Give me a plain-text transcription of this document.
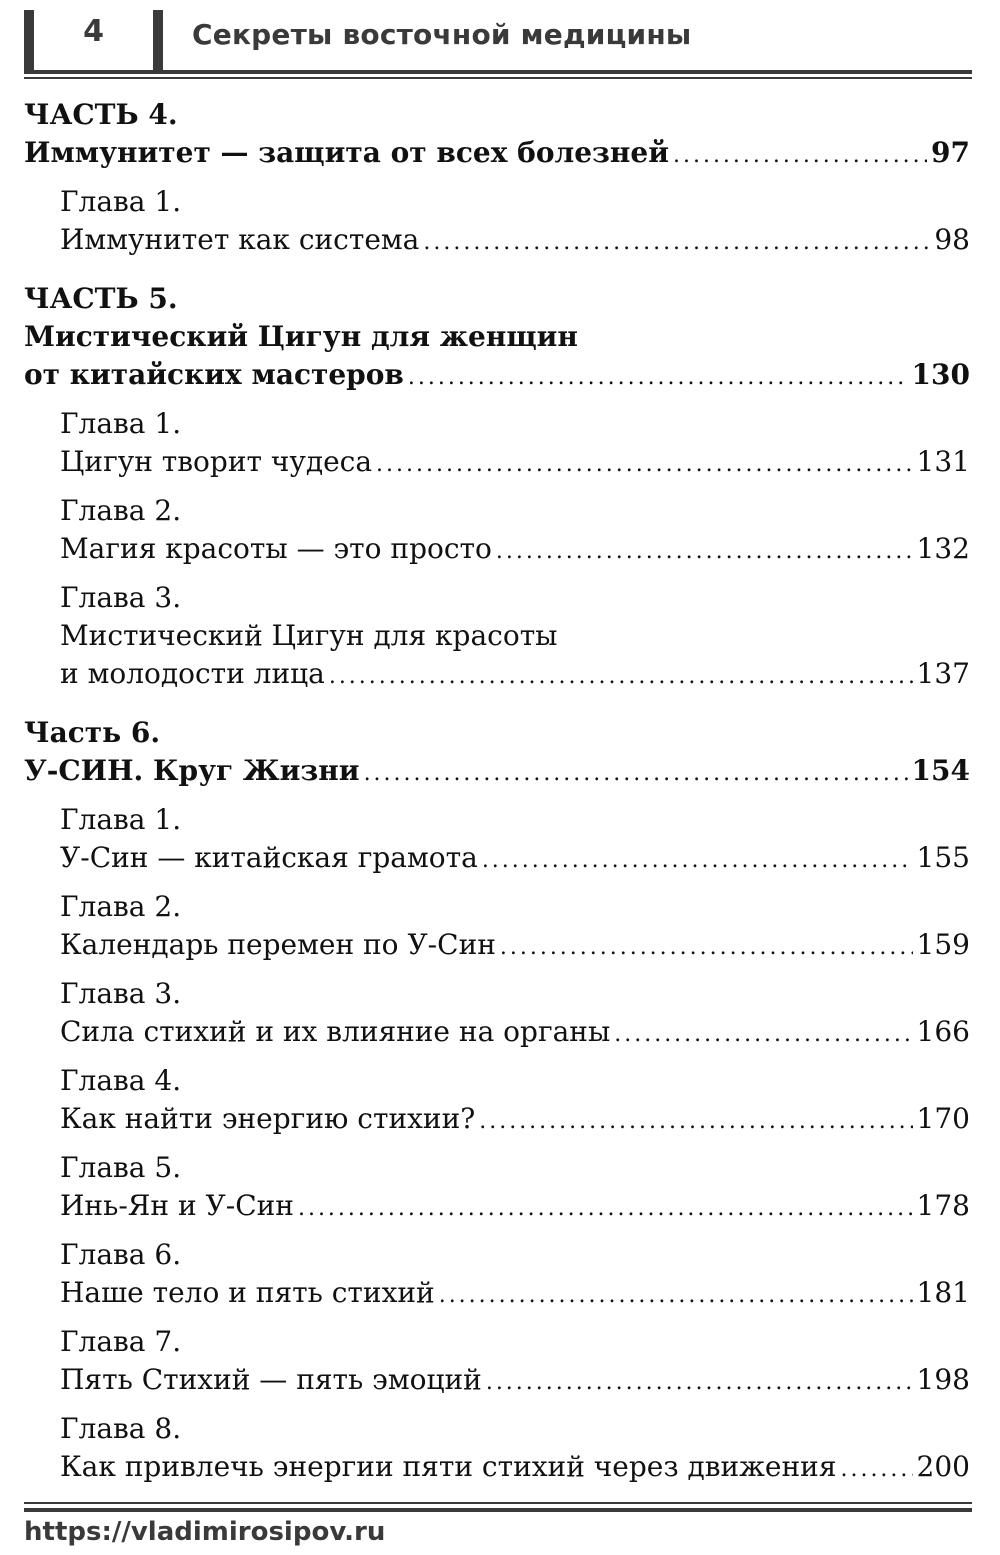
4	Секреты восточной медицины
ЧАСТЬ 4.
Иммунитет — защита от всех болезней . . .	97
Глава 1.
Иммунитет как система . . .	98
ЧАСТЬ 5.
Мистический Цигун для женщин
от китайских мастеров . . .	130
Глава 1.
Цигун творит чудеса . . .	131
Глава 2.
Магия красоты — это просто . . .	132
Глава 3.
Мистический Цигун для красоты
и молодости лица . . .	137
Часть 6.
У-СИН. Круг Жизни . . .	154
Глава 1.
У-Син — китайская грамота . . .	155
Глава 2.
Календарь перемен по У-Син . . .	159
Глава 3.
Сила стихий и их влияние на органы . . .	166
Глава 4.
Как найти энергию стихии? . . .	170
Глава 5.
Инь-Ян и У-Син . . .	178
Глава 6.
Наше тело и пять стихий . . .	181
Глава 7.
Пять Стихий — пять эмоций . . .	198
Глава 8.
Как привлечь энергии пяти стихий через движения . . .	200
https://vladimirosipov.ru
